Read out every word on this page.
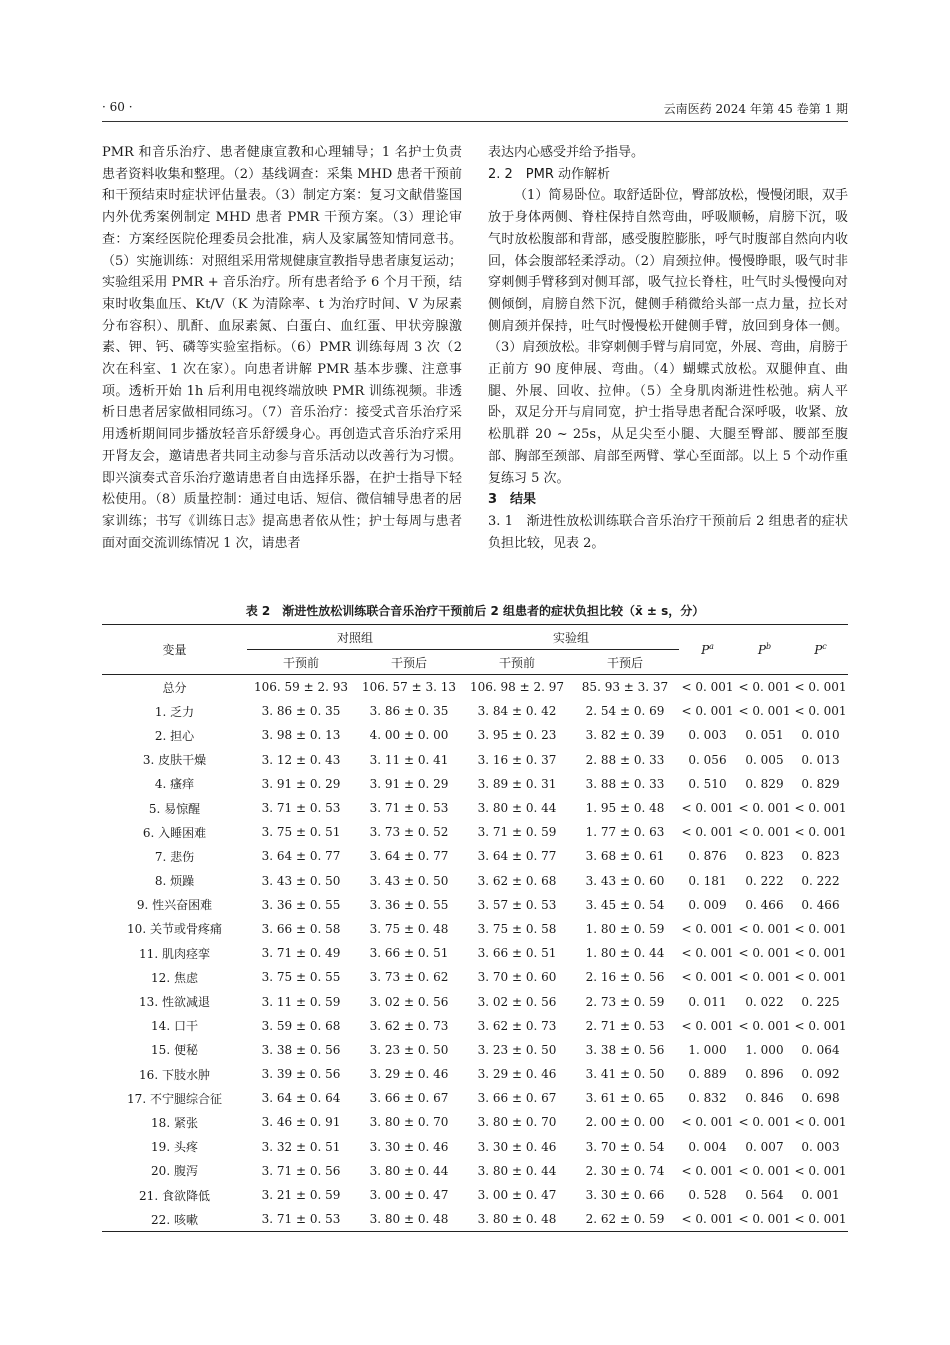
· 60 ·	云南医药 2024 年第 45 卷第 1 期

PMR 和音乐治疗、患者健康宣教和心理辅导；1 名护士负责患者资料收集和整理。（2）基线调查：采集 MHD 患者干预前和干预结束时症状评估量表。（3）制定方案：复习文献借鉴国内外优秀案例制定 MHD 患者 PMR 干预方案。（3）理论审查：方案经医院伦理委员会批准，病人及家属签知情同意书。（5）实施训练：对照组采用常规健康宣教指导患者康复运动；实验组采用 PMR + 音乐治疗。所有患者给予 6 个月干预，结束时收集血压、Kt/V（K 为清除率、t 为治疗时间、V 为尿素分布容积）、肌酐、血尿素氮、白蛋白、血红蛋、甲状旁腺激素、钾、钙、磷等实验室指标。（6）PMR 训练每周 3 次（2 次在科室、1 次在家）。向患者讲解 PMR 基本步骤、注意事项。透析开始 1h 后利用电视终端放映 PMR 训练视频。非透析日患者居家做相同练习。（7）音乐治疗：接受式音乐治疗采用透析期间同步播放轻音乐舒缓身心。再创造式音乐治疗采用开肾友会，邀请患者共同主动参与音乐活动以改善行为习惯。即兴演奏式音乐治疗邀请患者自由选择乐器，在护士指导下轻松使用。（8）质量控制：通过电话、短信、微信辅导患者的居家训练；书写《训练日志》提高患者依从性；护士每周与患者面对面交流训练情况 1 次，请患者

表达内心感受并给予指导。

2. 2　PMR 动作解析

（1）简易卧位。取舒适卧位，臀部放松，慢慢闭眼，双手放于身体两侧、脊柱保持自然弯曲，呼吸顺畅，肩膀下沉，吸气时放松腹部和背部，感受腹腔膨胀，呼气时腹部自然向内收回，体会腹部轻柔浮动。（2）肩颈拉伸。慢慢睁眼，吸气时非穿刺侧手臂移到对侧耳部，吸气拉长脊柱，吐气时头慢慢向对侧倾倒，肩膀自然下沉，健侧手稍微给头部一点力量，拉长对侧肩颈并保持，吐气时慢慢松开健侧手臂，放回到身体一侧。（3）肩颈放松。非穿刺侧手臂与肩同宽，外展、弯曲，肩膀于正前方 90 度伸展、弯曲。（4）蝴蝶式放松。双腿伸直、曲腿、外展、回收、拉伸。（5）全身肌肉渐进性松弛。病人平卧，双足分开与肩同宽，护士指导患者配合深呼吸，收紧、放松肌群 20 ~ 25s，从足尖至小腿、大腿至臀部、腰部至腹部、胸部至颈部、肩部至两臂、掌心至面部。以上 5 个动作重复练习 5 次。

3　结果

3. 1　渐进性放松训练联合音乐治疗干预前后 2 组患者的症状负担比较，见表 2。

表 2　渐进性放松训练联合音乐治疗干预前后 2 组患者的症状负担比较（x̄ ± s，分）
变量	对照组		实验组		$P^a$	$P^b$	$P^c$
	干预前	干预后	干预前	干预后			
总分	106. 59 ± 2. 93	106. 57 ± 3. 13	106. 98 ± 2. 97	85. 93 ± 3. 37	< 0. 001	< 0. 001	< 0. 001
1. 乏力	3. 86 ± 0. 35	3. 86 ± 0. 35	3. 84 ± 0. 42	2. 54 ± 0. 69	< 0. 001	< 0. 001	< 0. 001
2. 担心	3. 98 ± 0. 13	4. 00 ± 0. 00	3. 95 ± 0. 23	3. 82 ± 0. 39	0. 003	0. 051	0. 010
3. 皮肤干燥	3. 12 ± 0. 43	3. 11 ± 0. 41	3. 16 ± 0. 37	2. 88 ± 0. 33	0. 056	0. 005	0. 013
4. 瘙痒	3. 91 ± 0. 29	3. 91 ± 0. 29	3. 89 ± 0. 31	3. 88 ± 0. 33	0. 510	0. 829	0. 829
5. 易惊醒	3. 71 ± 0. 53	3. 71 ± 0. 53	3. 80 ± 0. 44	1. 95 ± 0. 48	< 0. 001	< 0. 001	< 0. 001
6. 入睡困难	3. 75 ± 0. 51	3. 73 ± 0. 52	3. 71 ± 0. 59	1. 77 ± 0. 63	< 0. 001	< 0. 001	< 0. 001
7. 悲伤	3. 64 ± 0. 77	3. 64 ± 0. 77	3. 64 ± 0. 77	3. 68 ± 0. 61	0. 876	0. 823	0. 823
8. 烦躁	3. 43 ± 0. 50	3. 43 ± 0. 50	3. 62 ± 0. 68	3. 43 ± 0. 60	0. 181	0. 222	0. 222
9. 性兴奋困难	3. 36 ± 0. 55	3. 36 ± 0. 55	3. 57 ± 0. 53	3. 45 ± 0. 54	0. 009	0. 466	0. 466
10. 关节或骨疼痛	3. 66 ± 0. 58	3. 75 ± 0. 48	3. 75 ± 0. 58	1. 80 ± 0. 59	< 0. 001	< 0. 001	< 0. 001
11. 肌肉痉挛	3. 71 ± 0. 49	3. 66 ± 0. 51	3. 66 ± 0. 51	1. 80 ± 0. 44	< 0. 001	< 0. 001	< 0. 001
12. 焦虑	3. 75 ± 0. 55	3. 73 ± 0. 62	3. 70 ± 0. 60	2. 16 ± 0. 56	< 0. 001	< 0. 001	< 0. 001
13. 性欲减退	3. 11 ± 0. 59	3. 02 ± 0. 56	3. 02 ± 0. 56	2. 73 ± 0. 59	0. 011	0. 022	0. 225
14. 口干	3. 59 ± 0. 68	3. 62 ± 0. 73	3. 62 ± 0. 73	2. 71 ± 0. 53	< 0. 001	< 0. 001	< 0. 001
15. 便秘	3. 38 ± 0. 56	3. 23 ± 0. 50	3. 23 ± 0. 50	3. 38 ± 0. 56	1. 000	1. 000	0. 064
16. 下肢水肿	3. 39 ± 0. 56	3. 29 ± 0. 46	3. 29 ± 0. 46	3. 41 ± 0. 50	0. 889	0. 896	0. 092
17. 不宁腿综合征	3. 64 ± 0. 64	3. 66 ± 0. 67	3. 66 ± 0. 67	3. 61 ± 0. 65	0. 832	0. 846	0. 698
18. 紧张	3. 46 ± 0. 91	3. 80 ± 0. 70	3. 80 ± 0. 70	2. 00 ± 0. 00	< 0. 001	< 0. 001	< 0. 001
19. 头疼	3. 32 ± 0. 51	3. 30 ± 0. 46	3. 30 ± 0. 46	3. 70 ± 0. 54	0. 004	0. 007	0. 003
20. 腹泻	3. 71 ± 0. 56	3. 80 ± 0. 44	3. 80 ± 0. 44	2. 30 ± 0. 74	< 0. 001	< 0. 001	< 0. 001
21. 食欲降低	3. 21 ± 0. 59	3. 00 ± 0. 47	3. 00 ± 0. 47	3. 30 ± 0. 66	0. 528	0. 564	0. 001
22. 咳嗽	3. 71 ± 0. 53	3. 80 ± 0. 48	3. 80 ± 0. 48	2. 62 ± 0. 59	< 0. 001	< 0. 001	< 0. 001
